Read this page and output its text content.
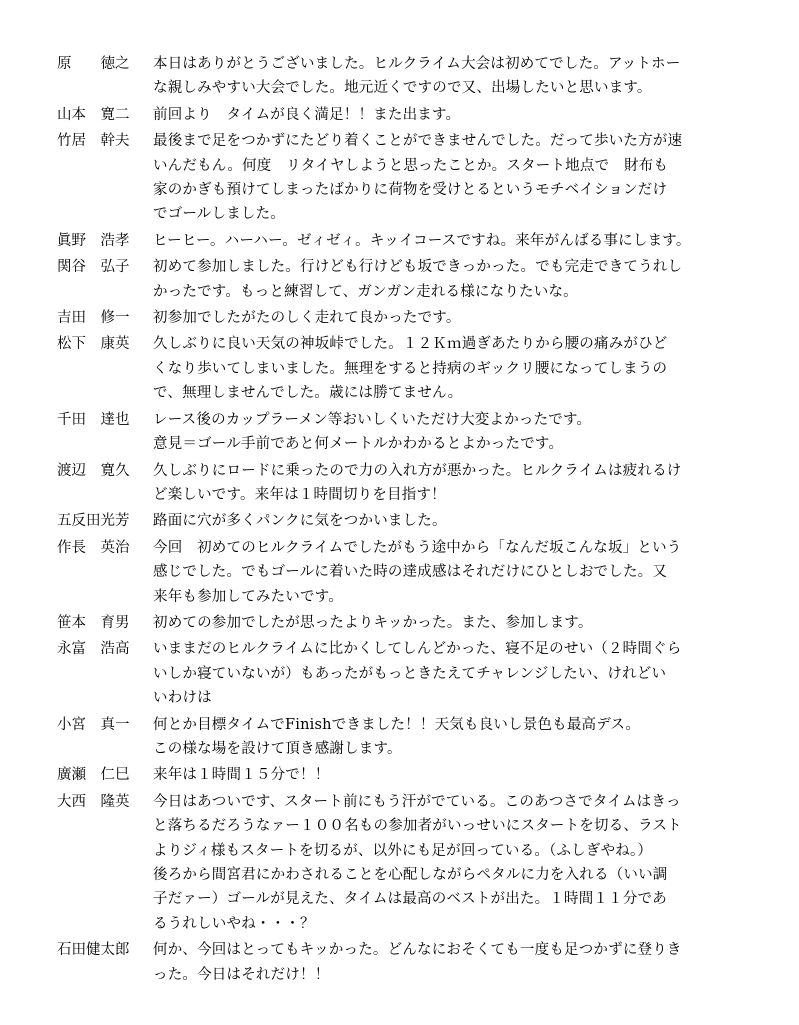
原　　徳之	本日はありがとうございました。ヒルクライム大会は初めてでした。アットホー
な親しみやすい大会でした。地元近くですので又、出場したいと思います。
山本　寛二	前回より　タイムが良く満足！！また出ます。
竹居　幹夫	最後まで足をつかずにたどり着くことができませんでした。だって歩いた方が速
いんだもん。何度　リタイヤしようと思ったことか。スタート地点で　財布も
家のかぎも預けてしまったばかりに荷物を受けとるというモチベイションだけ
でゴールしました。
眞野　浩孝	ヒーヒー。ハーハー。ゼィゼィ。キッイコースですね。来年がんばる事にします。
関谷　弘子	初めて参加しました。行けども行けども坂できっかった。でも完走できてうれし
かったです。もっと練習して、ガンガン走れる様になりたいな。
吉田　修一	初参加でしたがたのしく走れて良かったです。
松下　康英	久しぶりに良い天気の神坂峠でした。１２Ｋｍ過ぎあたりから腰の痛みがひど
くなり歩いてしまいました。無理をすると持病のギックリ腰になってしまうの
で、無理しませんでした。歳には勝てません。
千田　達也	レース後のカップラーメン等おいしくいただけ大変よかったです。
意見＝ゴール手前であと何メートルかわかるとよかったです。
渡辺　寛久	久しぶりにロードに乗ったので力の入れ方が悪かった。ヒルクライムは疲れるけ
ど楽しいです。来年は１時間切りを目指す！
五反田光芳	路面に穴が多くパンクに気をつかいました。
作長　英治	今回　初めてのヒルクライムでしたがもう途中から「なんだ坂こんな坂」という
感じでした。でもゴールに着いた時の達成感はそれだけにひとしおでした。又
来年も参加してみたいです。
笹本　育男	初めての参加でしたが思ったよりキッかった。また、参加します。
永富　浩高	いままだのヒルクライムに比かくしてしんどかった、寝不足のせい（２時間ぐら
いしか寝ていないが）もあったがもっときたえてチャレンジしたい、けれどい
いわけは
小宮　真一	何とか目標タイムでFinishできました！！天気も良いし景色も最高デス。
この様な場を設けて頂き感謝します。
廣瀬　仁巳	来年は１時間１５分で！！
大西　隆英	今日はあついです、スタート前にもう汗がでている。このあつさでタイムはきっ
と落ちるだろうなァー１００名もの参加者がいっせいにスタートを切る、ラスト
よりジィ様もスタートを切るが、以外にも足が回っている。（ふしぎやね。）
後ろから間宮君にかわされることを心配しながらペタルに力を入れる（いい調
子だァー）ゴールが見えた、タイムは最高のベストが出た。１時間１１分であ
るうれしいやね・・・？
石田健太郎	何か、今回はとってもキッかった。どんなにおそくても一度も足つかずに登りき
った。今日はそれだけ！！
